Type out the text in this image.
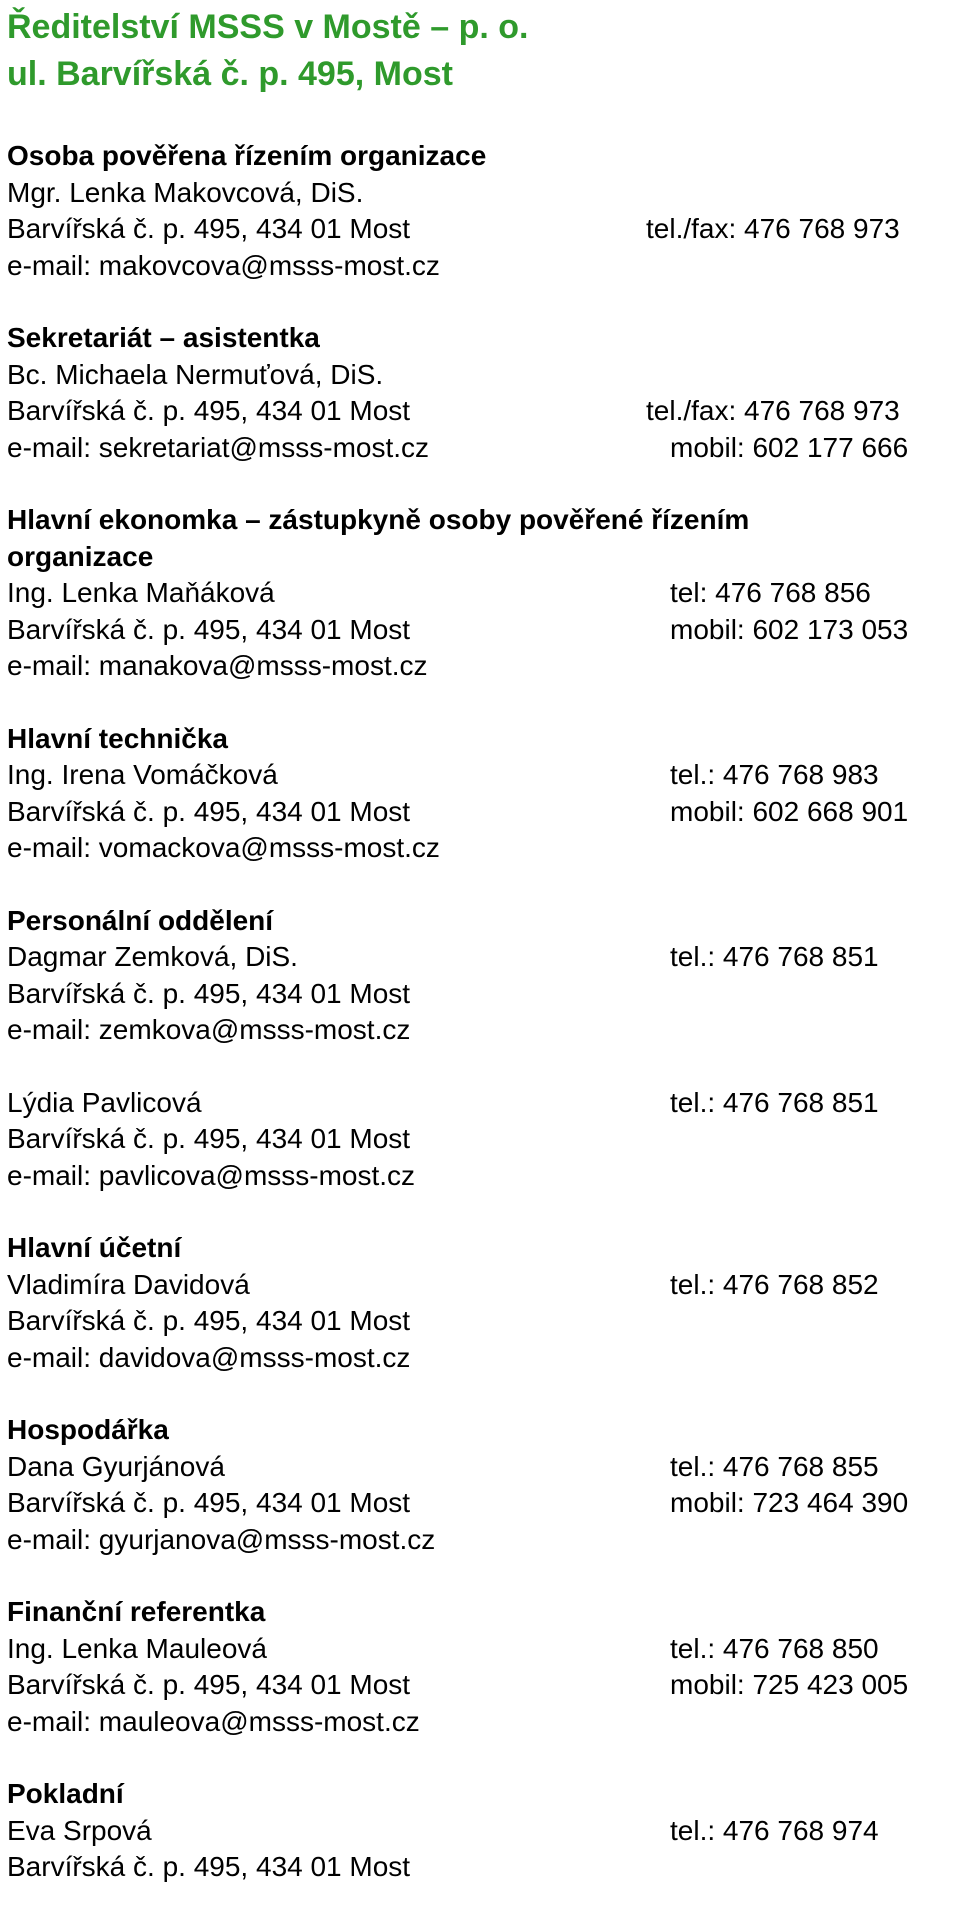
Ředitelství MSSS v Mostě – p. o.
ul. Barvířská č. p. 495, Most
Osoba pověřena řízením organizace
Mgr. Lenka Makovcová, DiS.
Barvířská č. p. 495, 434 01 Most	tel./fax: 476 768 973
e-mail: makovcova@msss-most.cz
Sekretariát – asistentka
Bc. Michaela Nermuťová, DiS.
Barvířská č. p. 495, 434 01 Most	tel./fax: 476 768 973
e-mail: sekretariat@msss-most.cz	mobil: 602 177 666
Hlavní ekonomka – zástupkyně osoby pověřené řízením
organizace
Ing. Lenka Maňáková	tel: 476 768 856
Barvířská č. p. 495, 434 01 Most	mobil: 602 173 053
e-mail: manakova@msss-most.cz
Hlavní technička
Ing. Irena Vomáčková	tel.: 476 768 983
Barvířská č. p. 495, 434 01 Most	mobil: 602 668 901
e-mail: vomackova@msss-most.cz
Personální oddělení
Dagmar Zemková, DiS.	tel.: 476 768 851
Barvířská č. p. 495, 434 01 Most
e-mail: zemkova@msss-most.cz
Lýdia Pavlicová	tel.: 476 768 851
Barvířská č. p. 495, 434 01 Most
e-mail: pavlicova@msss-most.cz
Hlavní účetní
Vladimíra Davidová	tel.: 476 768 852
Barvířská č. p. 495, 434 01 Most
e-mail: davidova@msss-most.cz
Hospodářka
Dana Gyurjánová	tel.: 476 768 855
Barvířská č. p. 495, 434 01 Most	mobil: 723 464 390
e-mail: gyurjanova@msss-most.cz
Finanční referentka
Ing. Lenka Mauleová	tel.: 476 768 850
Barvířská č. p. 495, 434 01 Most	mobil: 725 423 005
e-mail: mauleova@msss-most.cz
Pokladní
Eva Srpová	tel.: 476 768 974
Barvířská č. p. 495, 434 01 Most
